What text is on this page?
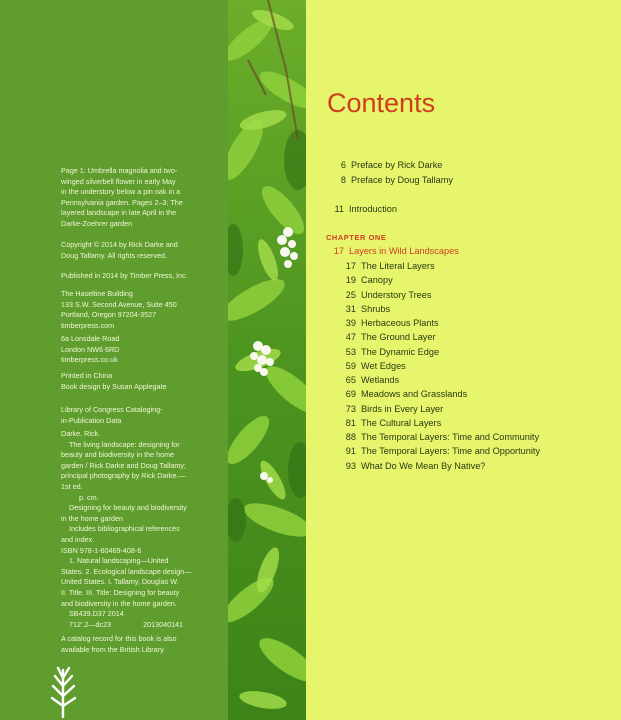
Page 1: Umbrella magnolia and two-
winged silverbell flower in early May
in the understory below a pin oak in a
Pennsylvania garden. Pages 2–3: The
layered landscape in late April in the
Darke-Zoehrer garden
Copyright © 2014 by Rick Darke and
Doug Tallamy. All rights reserved.
Published in 2014 by Timber Press, Inc.
The Haseltine Building
133 S.W. Second Avenue, Suite 450
Portland, Oregon 97204-3527
timberpress.com
6a Lonsdale Road
London NW6 6RD
timberpress.co.uk
Printed in China
Book design by Susan Applegate
Library of Congress Cataloging-
in-Publication Data
Darke, Rick.
The living landscape: designing for
beauty and biodiversity in the home
garden / Rick Darke and Doug Tallamy;
principal photography by Rick Darke.—
1st ed.
p. cm.
Designing for beauty and biodiversity
in the home garden
Includes bibliographical references
and index.
ISBN 978-1-60469-408-6
1. Natural landscaping—United
States. 2. Ecological landscape design—
United States. I. Tallamy, Douglas W.
II. Title. III. Title: Designing for beauty
and biodiversity in the home garden.
SB439.D37 2014
712'.2—dc23                2013040141
A catalog record for this book is also
available from the British Library.
Contents
6 Preface by Rick Darke
8 Preface by Doug Tallamy
11 Introduction
CHAPTER ONE
17 Layers in Wild Landscapes
17 The Literal Layers
19 Canopy
25 Understory Trees
31 Shrubs
39 Herbaceous Plants
47 The Ground Layer
53 The Dynamic Edge
59 Wet Edges
65 Wetlands
69 Meadows and Grasslands
73 Birds in Every Layer
81 The Cultural Layers
88 The Temporal Layers: Time and Community
91 The Temporal Layers: Time and Opportunity
93 What Do We Mean By Native?
